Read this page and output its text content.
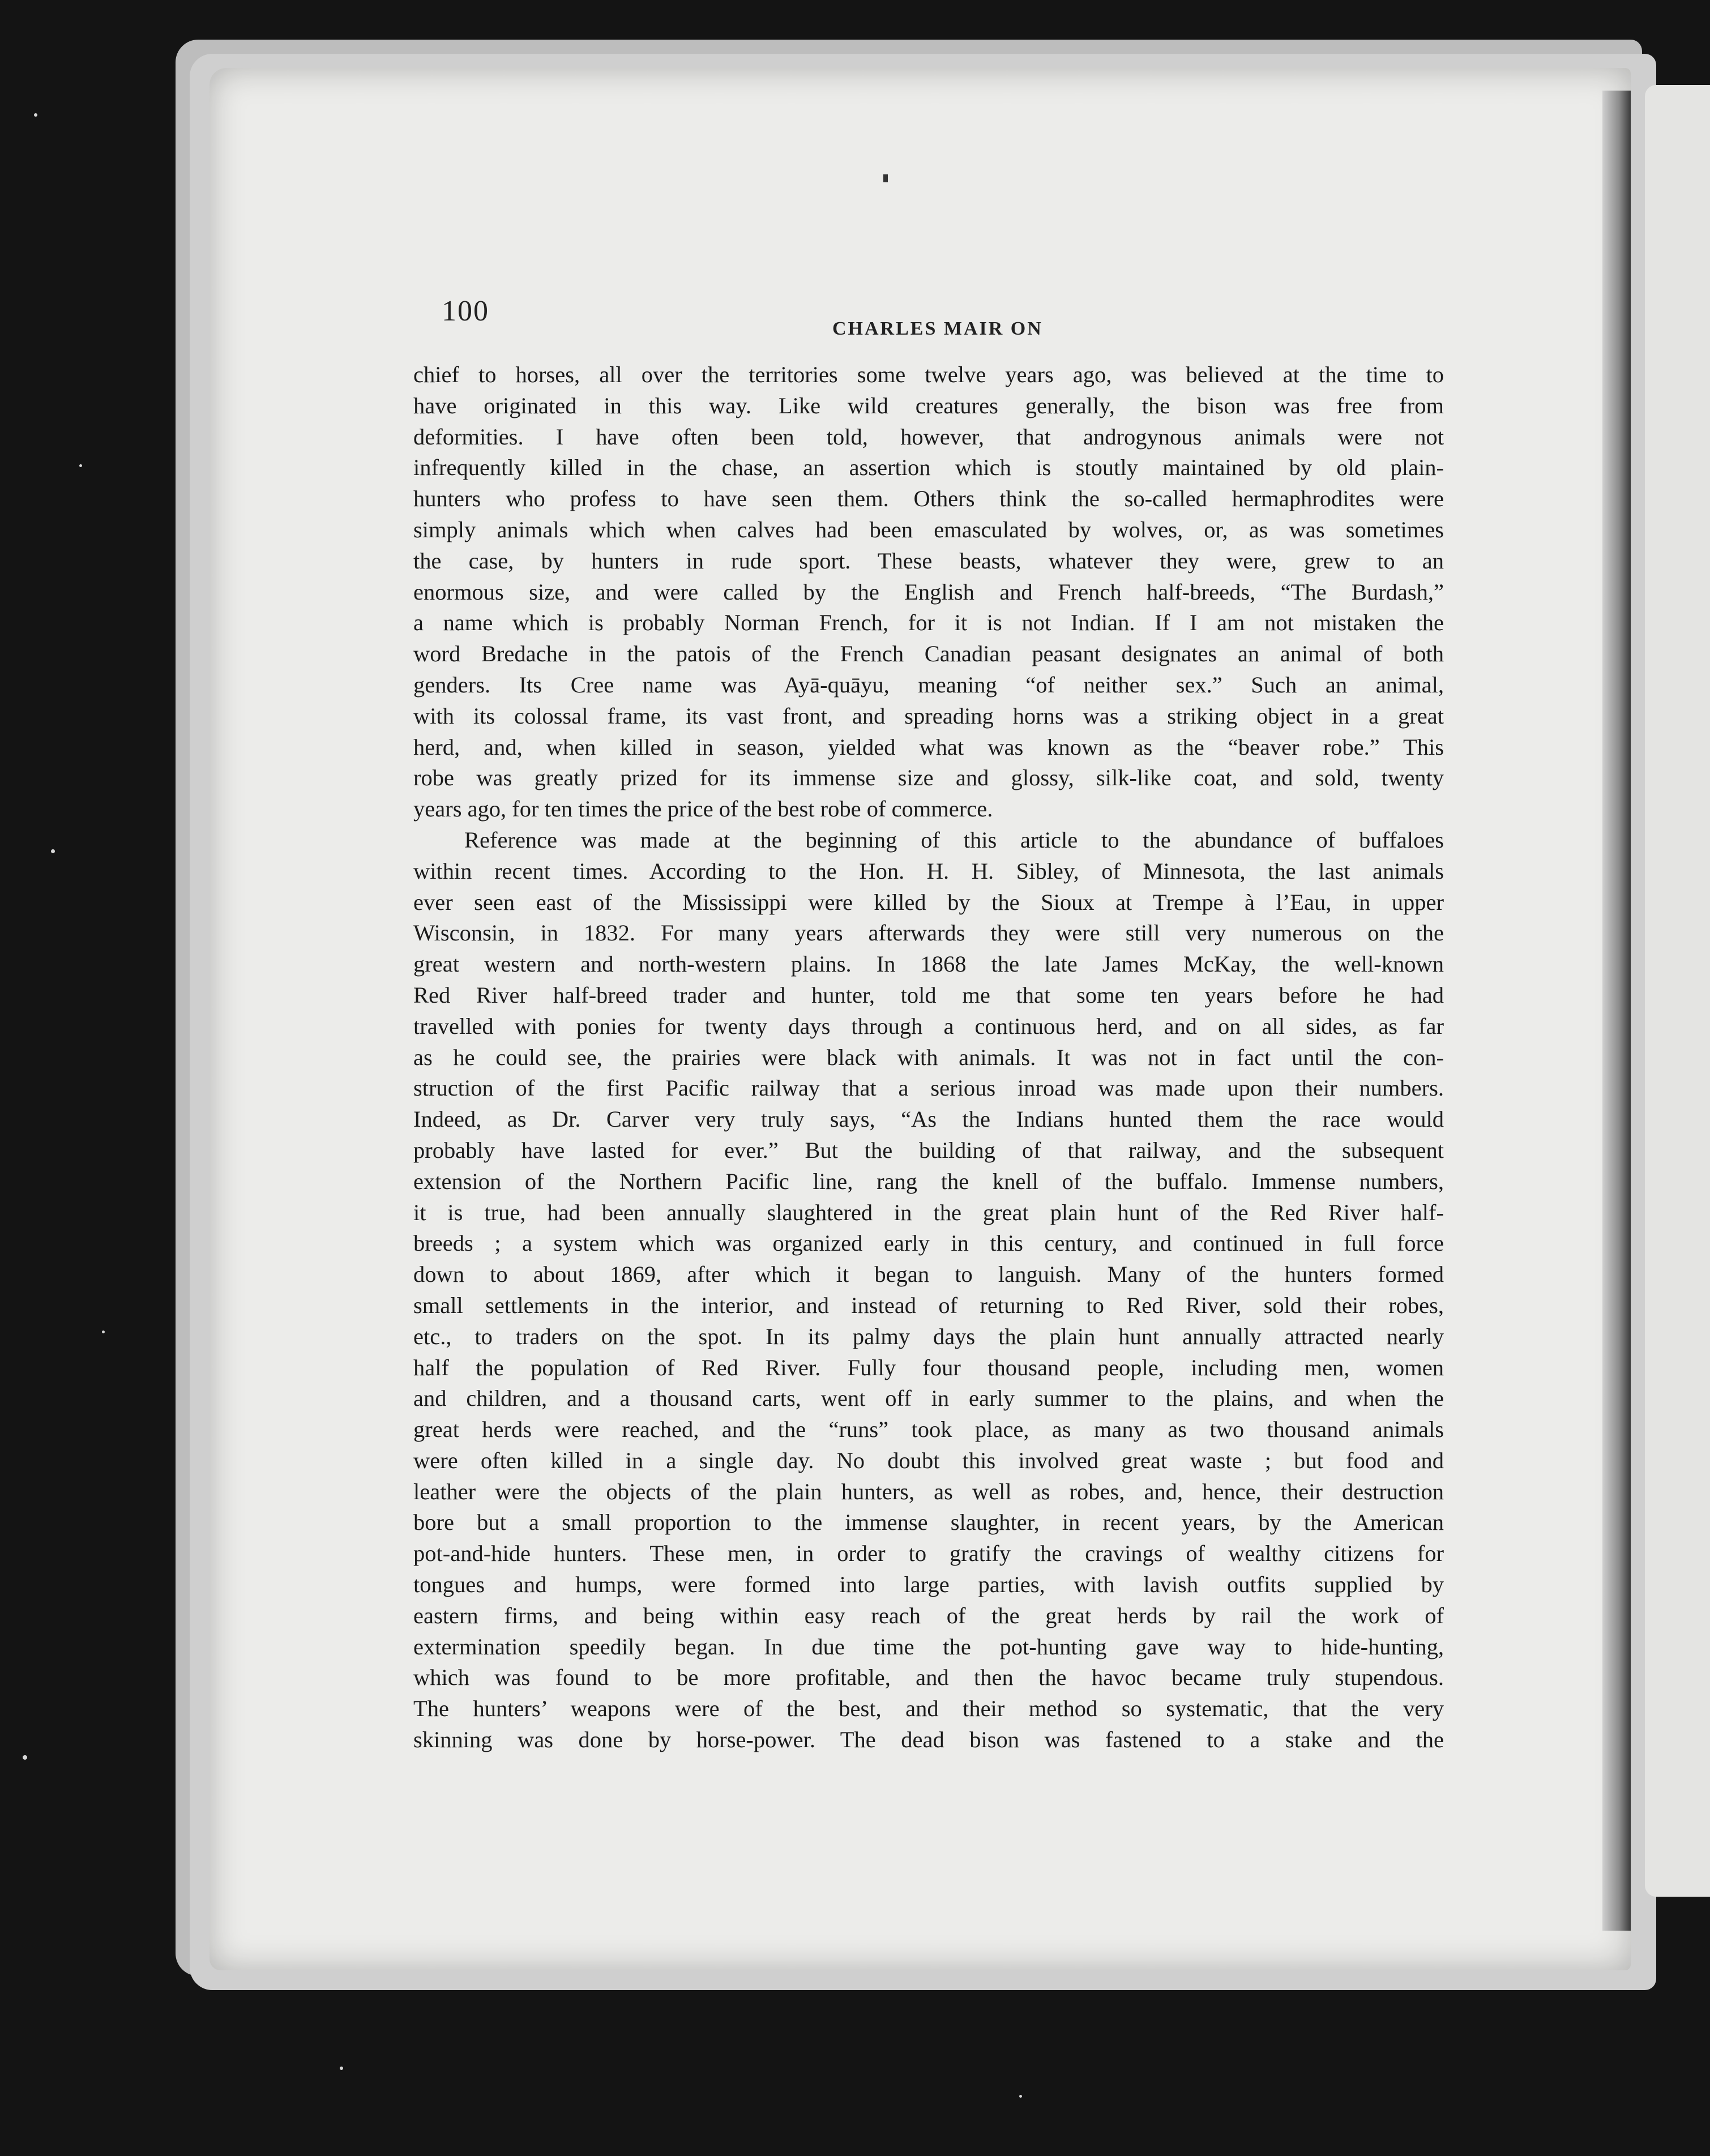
100
CHARLES MAIR ON
chief to horses, all over the territories some twelve years ago, was believed at the time to
have originated in this way. Like wild creatures generally, the bison was free from
deformities. I have often been told, however, that androgynous animals were not
infrequently killed in the chase, an assertion which is stoutly maintained by old plain-
hunters who profess to have seen them. Others think the so-called hermaphrodites were
simply animals which when calves had been emasculated by wolves, or, as was sometimes
the case, by hunters in rude sport. These beasts, whatever they were, grew to an
enormous size, and were called by the English and French half-breeds, “The Burdash,”
a name which is probably Norman French, for it is not Indian. If I am not mistaken the
word Bredache in the patois of the French Canadian peasant designates an animal of both
genders. Its Cree name was Ayā-quāyu, meaning “of neither sex.” Such an animal,
with its colossal frame, its vast front, and spreading horns was a striking object in a great
herd, and, when killed in season, yielded what was known as the “beaver robe.” This
robe was greatly prized for its immense size and glossy, silk-like coat, and sold, twenty
years ago, for ten times the price of the best robe of commerce.
Reference was made at the beginning of this article to the abundance of buffaloes
within recent times. According to the Hon. H. H. Sibley, of Minnesota, the last animals
ever seen east of the Mississippi were killed by the Sioux at Trempe à l’Eau, in upper
Wisconsin, in 1832. For many years afterwards they were still very numerous on the
great western and north-western plains. In 1868 the late James McKay, the well-known
Red River half-breed trader and hunter, told me that some ten years before he had
travelled with ponies for twenty days through a continuous herd, and on all sides, as far
as he could see, the prairies were black with animals. It was not in fact until the con-
struction of the first Pacific railway that a serious inroad was made upon their numbers.
Indeed, as Dr. Carver very truly says, “As the Indians hunted them the race would
probably have lasted for ever.” But the building of that railway, and the subsequent
extension of the Northern Pacific line, rang the knell of the buffalo. Immense numbers,
it is true, had been annually slaughtered in the great plain hunt of the Red River half-
breeds ; a system which was organized early in this century, and continued in full force
down to about 1869, after which it began to languish. Many of the hunters formed
small settlements in the interior, and instead of returning to Red River, sold their robes,
etc., to traders on the spot. In its palmy days the plain hunt annually attracted nearly
half the population of Red River. Fully four thousand people, including men, women
and children, and a thousand carts, went off in early summer to the plains, and when the
great herds were reached, and the “runs” took place, as many as two thousand animals
were often killed in a single day. No doubt this involved great waste ; but food and
leather were the objects of the plain hunters, as well as robes, and, hence, their destruction
bore but a small proportion to the immense slaughter, in recent years, by the American
pot-and-hide hunters. These men, in order to gratify the cravings of wealthy citizens for
tongues and humps, were formed into large parties, with lavish outfits supplied by
eastern firms, and being within easy reach of the great herds by rail the work of
extermination speedily began. In due time the pot-hunting gave way to hide-hunting,
which was found to be more profitable, and then the havoc became truly stupendous.
The hunters’ weapons were of the best, and their method so systematic, that the very
skinning was done by horse-power. The dead bison was fastened to a stake and the
